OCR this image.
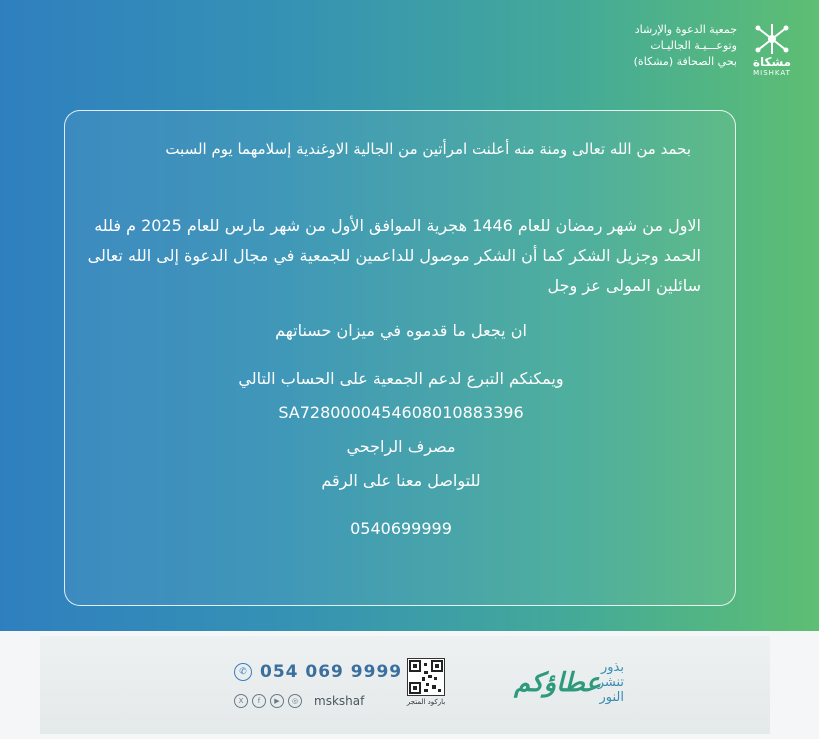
جمعية الدعوة والإرشاد
وتوعـــيـة الجاليـات
بحي الصحافة (مشكاة) مشكاة
MISHKAT
بحمد من الله تعالى ومنة منه أعلنت امرأتين من الجالية الاوغندية إسلامهما يوم السبت
الاول من شهر رمضان للعام 1446 هجرية الموافق الأول من شهر مارس للعام 2025 م فلله الحمد وجزيل الشكر كما أن الشكر موصول للداعمين للجمعية في مجال الدعوة إلى الله تعالى سائلين المولى عز وجل
ان يجعل ما قدموه في ميزان حسناتهم
ويمكنكم التبرع لدعم الجمعية على الحساب التالي
SA7280000454608010883396
مصرف الراجحي
للتواصل معنا على الرقم
0540699999
عطاؤكم
بذور تنشر النور
باركود المتجر
✆ 054 069 9999
X	f	▶	◎	mskshaf
